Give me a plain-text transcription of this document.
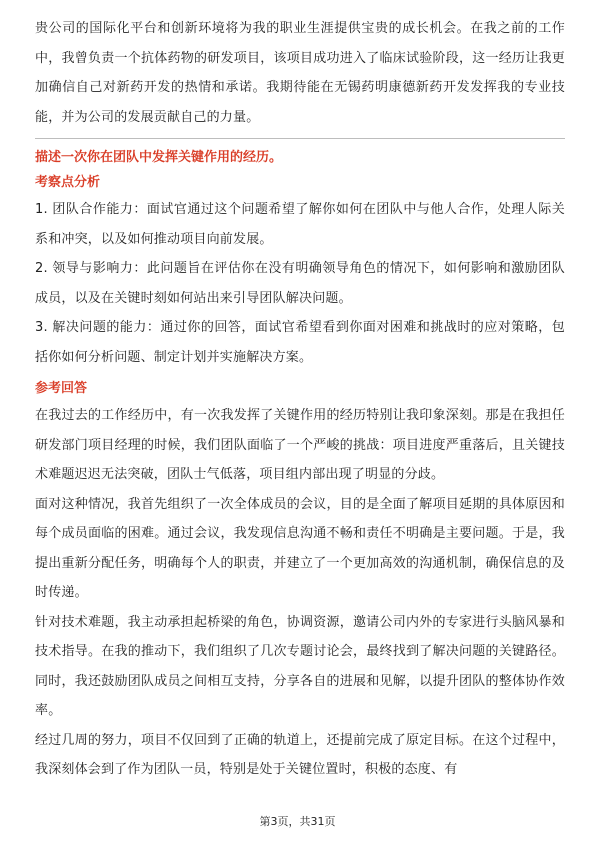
贵公司的国际化平台和创新环境将为我的职业生涯提供宝贵的成长机会。在我之前的工作中，我曾负责一个抗体药物的研发项目，该项目成功进入了临床试验阶段，这一经历让我更加确信自己对新药开发的热情和承诺。我期待能在无锡药明康德新药开发发挥我的专业技能，并为公司的发展贡献自己的力量。

描述一次你在团队中发挥关键作用的经历。
考察点分析

1. 团队合作能力：面试官通过这个问题希望了解你如何在团队中与他人合作，处理人际关系和冲突，以及如何推动项目向前发展。

2. 领导与影响力：此问题旨在评估你在没有明确领导角色的情况下，如何影响和激励团队成员，以及在关键时刻如何站出来引导团队解决问题。

3. 解决问题的能力：通过你的回答，面试官希望看到你面对困难和挑战时的应对策略，包括你如何分析问题、制定计划并实施解决方案。

参考回答

在我过去的工作经历中，有一次我发挥了关键作用的经历特别让我印象深刻。那是在我担任研发部门项目经理的时候，我们团队面临了一个严峻的挑战：项目进度严重落后，且关键技术难题迟迟无法突破，团队士气低落，项目组内部出现了明显的分歧。

面对这种情况，我首先组织了一次全体成员的会议，目的是全面了解项目延期的具体原因和每个成员面临的困难。通过会议，我发现信息沟通不畅和责任不明确是主要问题。于是，我提出重新分配任务，明确每个人的职责，并建立了一个更加高效的沟通机制，确保信息的及时传递。

针对技术难题，我主动承担起桥梁的角色，协调资源，邀请公司内外的专家进行头脑风暴和技术指导。在我的推动下，我们组织了几次专题讨论会，最终找到了解决问题的关键路径。同时，我还鼓励团队成员之间相互支持，分享各自的进展和见解，以提升团队的整体协作效率。

经过几周的努力，项目不仅回到了正确的轨道上，还提前完成了原定目标。在这个过程中，我深刻体会到了作为团队一员，特别是处于关键位置时，积极的态度、有

第3页，共31页
